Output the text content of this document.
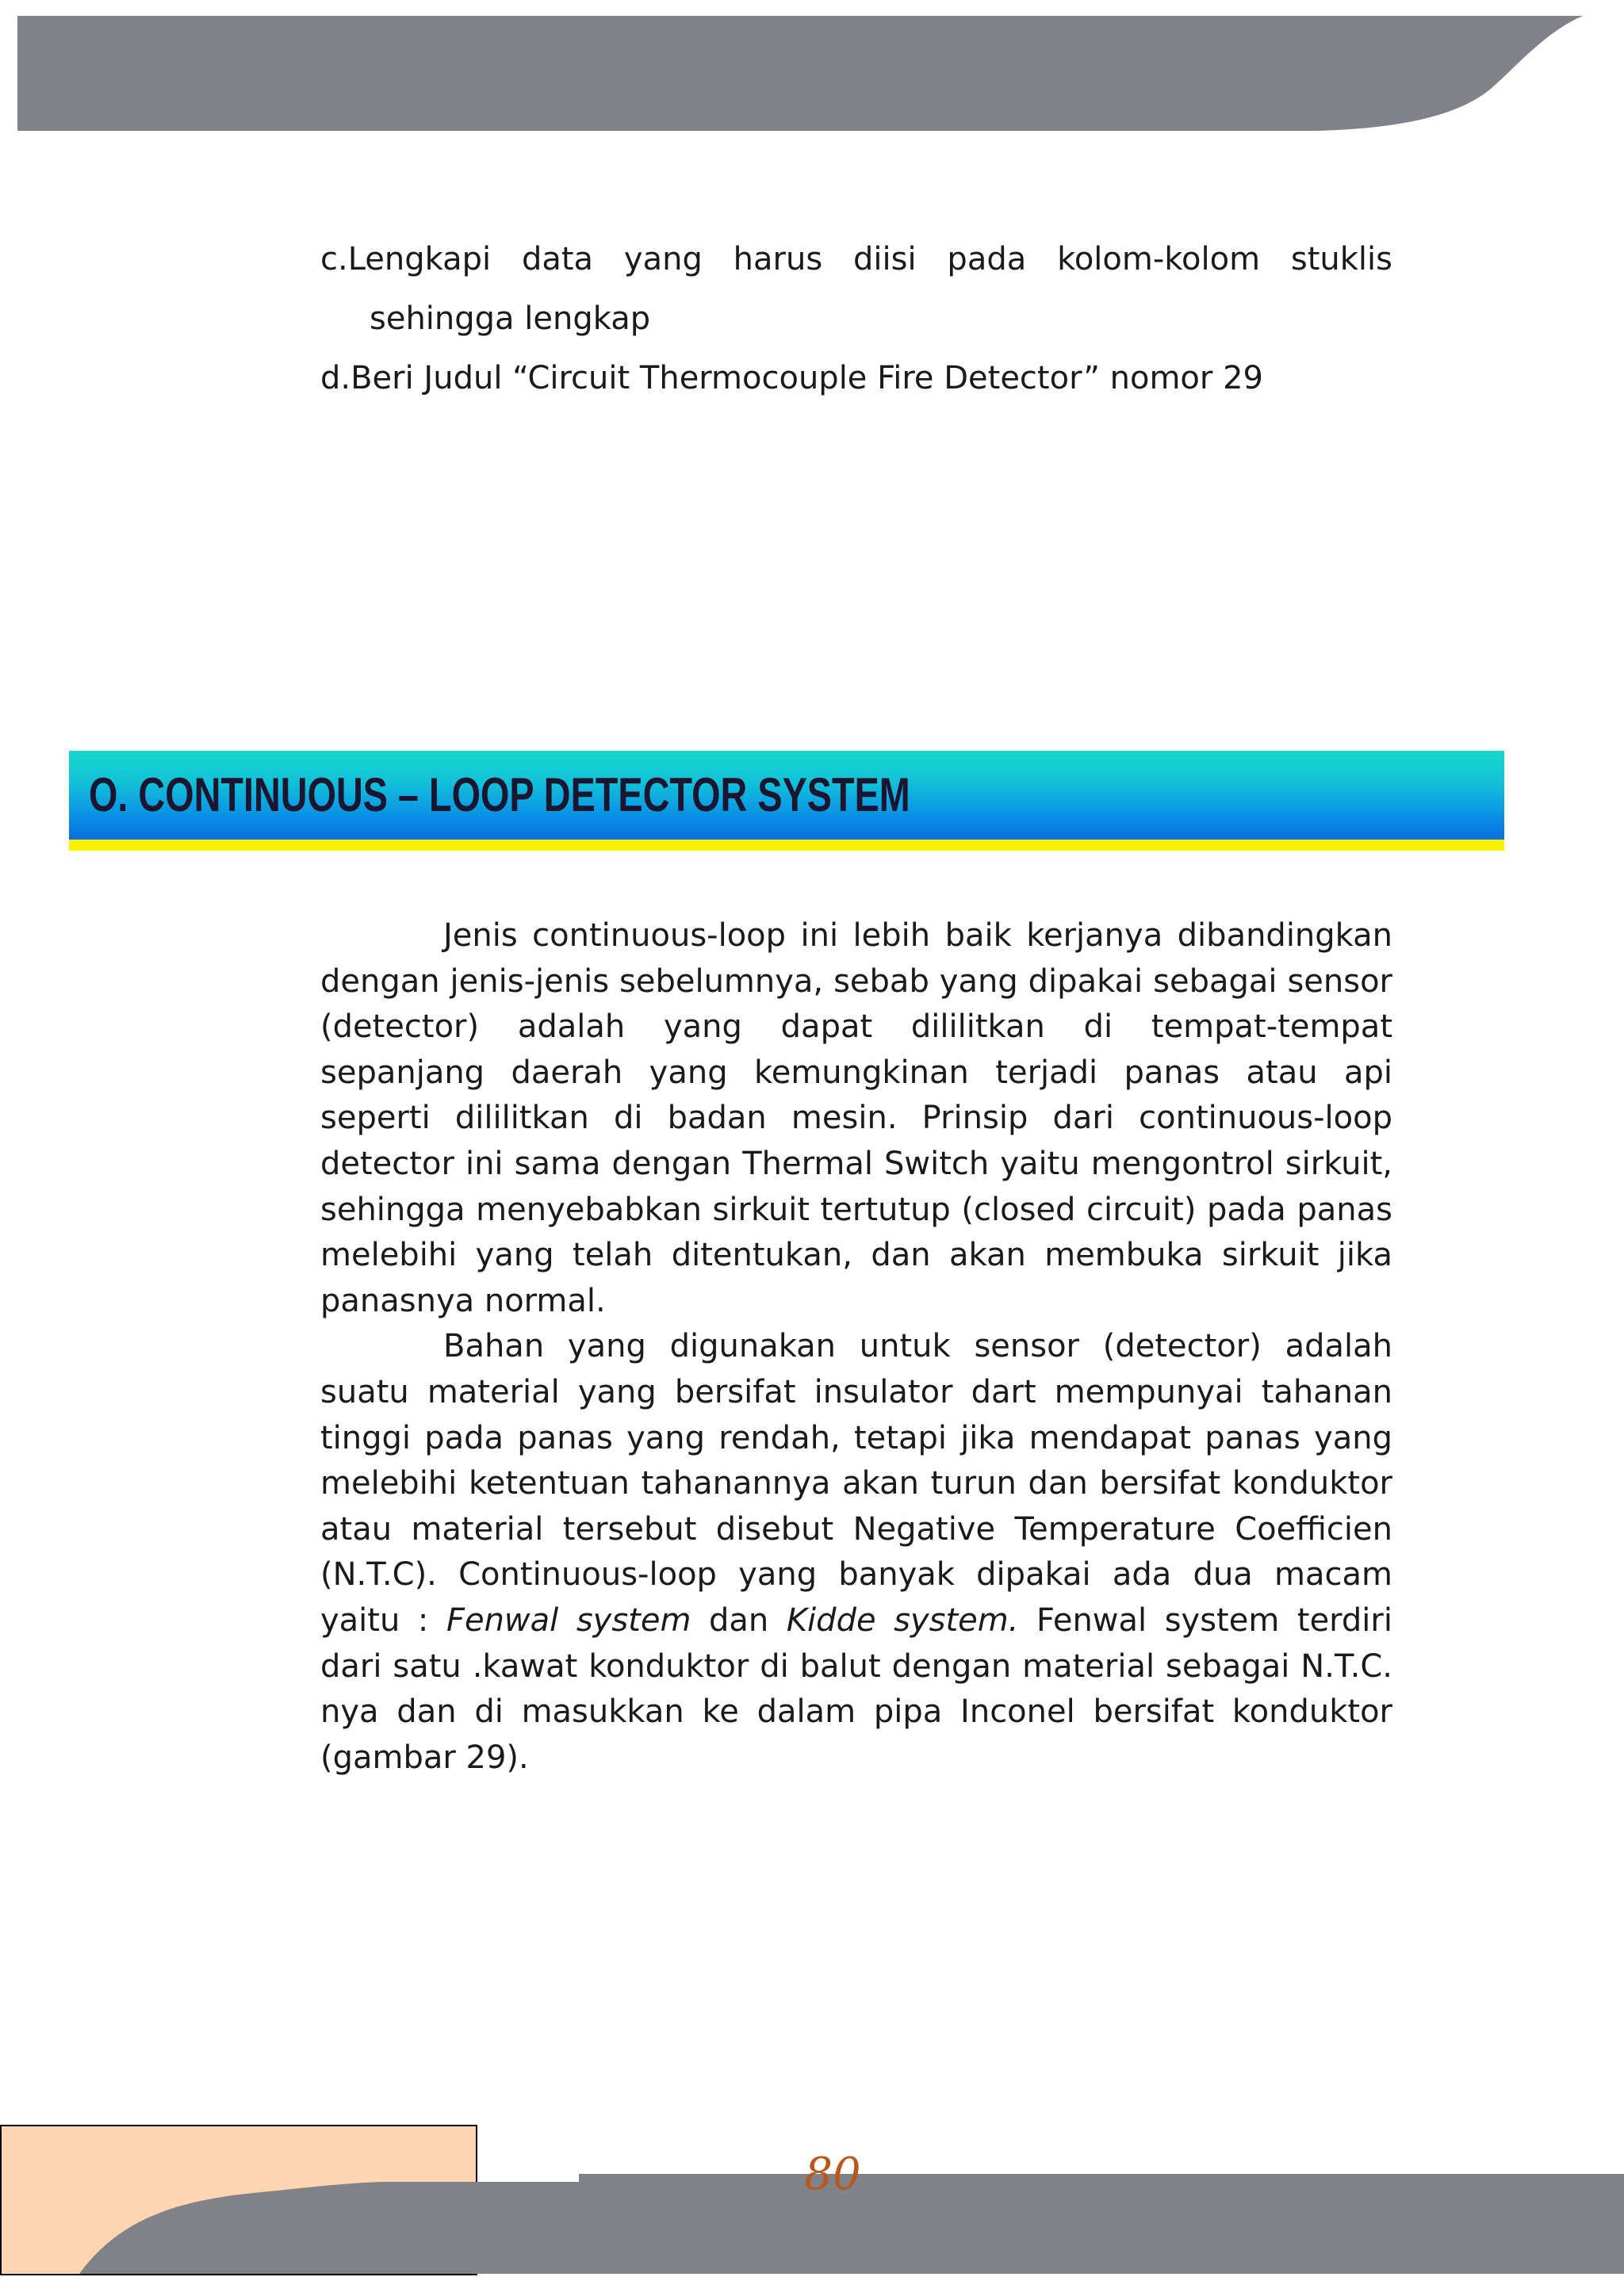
c.Lengkapi data yang harus diisi pada kolom-kolom stuklis

sehingga lengkap

d.Beri Judul “Circuit Thermocouple Fire Detector” nomor 29

O. CONTINUOUS – LOOP DETECTOR SYSTEM

Jenis continuous-loop ini lebih baik kerjanya dibandingkan dengan jenis-jenis sebelumnya, sebab yang dipakai sebagai sensor (detector) adalah yang dapat dililitkan di tempat-tempat sepanjang daerah yang kemungkinan terjadi panas atau api seperti dililitkan di badan mesin. Prinsip dari continuous-loop detector ini sama dengan Thermal Switch yaitu mengontrol sirkuit, sehingga menyebabkan sirkuit tertutup (closed circuit) pada panas melebihi yang telah ditentukan, dan akan membuka sirkuit jika panasnya normal.

Bahan yang digunakan untuk sensor (detector) adalah suatu material yang bersifat insulator dart mempunyai tahanan tinggi pada panas yang rendah, tetapi jika mendapat panas yang melebihi ketentuan tahanannya akan turun dan bersifat konduktor atau material tersebut disebut Negative Temperature Coefficien (N.T.C). Continuous-loop yang banyak dipakai ada dua macam yaitu : Fenwal system dan Kidde system. Fenwal system terdiri dari satu .kawat konduktor di balut dengan material sebagai N.T.C. nya dan di masukkan ke dalam pipa Inconel bersifat konduktor (gambar 29).

80
